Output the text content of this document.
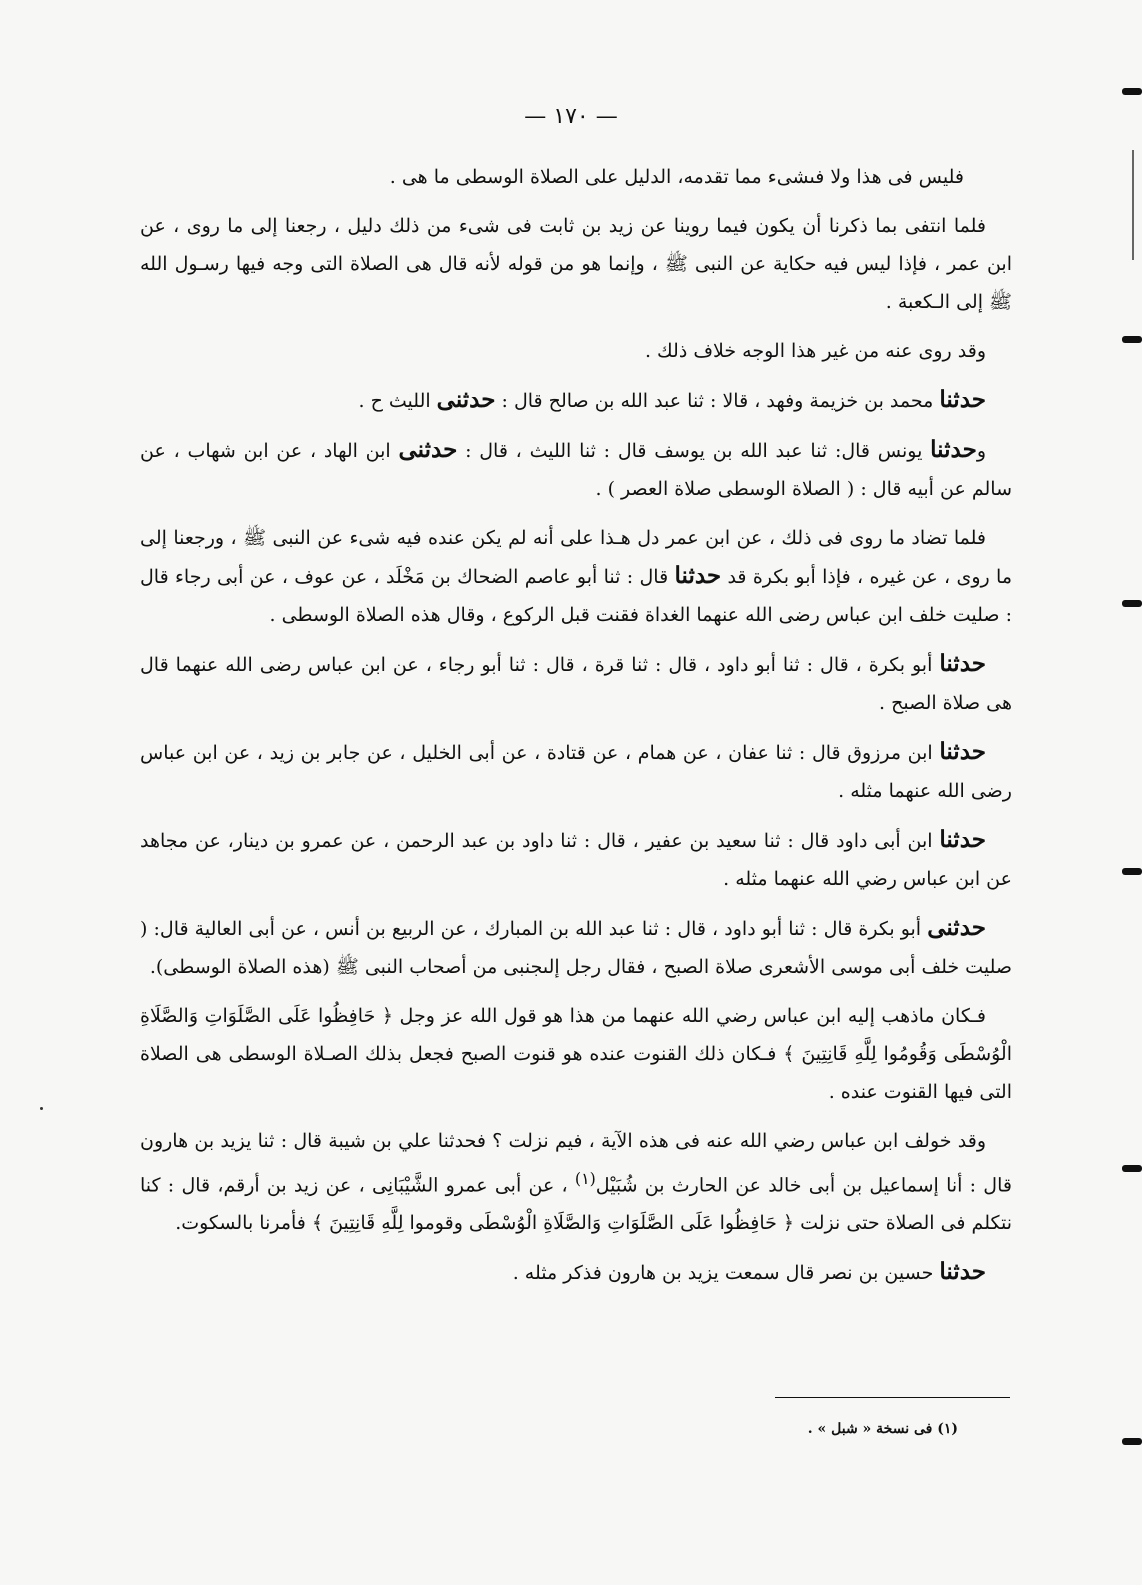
— ١٧٠ —

فليس فى هذا ولا فىشىء مما تقدمه، الدليل على الصلاة الوسطى ما هى .

فلما انتفى بما ذكرنا أن يكون فيما روينا عن زيد بن ثابت فى شىء من ذلك دليل ، رجعنا إلى ما روى ، عن ابن عمر ، فإذا ليس فيه حكاية عن النبى ﷺ ، وإنما هو من قوله لأنه قال هى الصلاة التى وجه فيها رسـول الله ﷺ إلى الـكعبة .

وقد روى عنه من غير هذا الوجه خلاف ذلك .

حدثنا محمد بن خزيمة وفهد ، قالا : ثنا عبد الله بن صالح قال : حدثنى الليث ح .

وحدثنا يونس قال: ثنا عبد الله بن يوسف قال : ثنا الليث ، قال : حدثنى ابن الهاد ، عن ابن شهاب ، عن سالم عن أبيه قال : ( الصلاة الوسطى صلاة العصر ) .

فلما تضاد ما روى فى ذلك ، عن ابن عمر دل هـذا على أنه لم يكن عنده فيه شىء عن النبى ﷺ ، ورجعنا إلى ما روى ، عن غيره ، فإذا أبو بكرة قد حدثنا قال : ثنا أبو عاصم الضحاك بن مَخْلَد ، عن عوف ، عن أبى رجاء قال : صليت خلف ابن عباس رضى الله عنهما الغداة فقنت قبل الركوع ، وقال هذه الصلاة الوسطى .

حدثنا أبو بكرة ، قال : ثنا أبو داود ، قال : ثنا قرة ، قال : ثنا أبو رجاء ، عن ابن عباس رضى الله عنهما قال هى صلاة الصبح .

حدثنا ابن مرزوق قال : ثنا عفان ، عن همام ، عن قتادة ، عن أبى الخليل ، عن جابر بن زيد ، عن ابن عباس رضى الله عنهما مثله .

حدثنا ابن أبى داود قال : ثنا سعيد بن عفير ، قال : ثنا داود بن عبد الرحمن ، عن عمرو بن دينار، عن مجاهد عن ابن عباس رضي الله عنهما مثله .

حدثنى أبو بكرة قال : ثنا أبو داود ، قال : ثنا عبد الله بن المبارك ، عن الربيع بن أنس ، عن أبى العالية قال: ( صليت خلف أبى موسى الأشعرى صلاة الصبح ، فقال رجل إلىجنبى من أصحاب النبى ﷺ (هذه الصلاة الوسطى).

فـكان ماذهب إليه ابن عباس رضي الله عنهما من هذا هو قول الله عز وجل ﴿ حَافِظُوا عَلَى الصَّلَوَاتِ وَالصَّلَاةِ الْوُسْطَى وَقُومُوا لِلَّهِ قَانِتِينَ ﴾ فـكان ذلك القنوت عنده هو قنوت الصبح فجعل بذلك الصـلاة الوسطى هى الصلاة التى فيها القنوت عنده .

وقد خولف ابن عباس رضي الله عنه فى هذه الآية ، فيم نزلت ؟ فحدثنا علي بن شيبة قال : ثنا يزيد بن هارون قال : أنا إسماعيل بن أبى خالد عن الحارث بن شُبَيْل$^{(١)}$ ، عن أبى عمرو الشَّيْبَانِى ، عن زيد بن أرقم، قال : كنا نتكلم فى الصلاة حتى نزلت ﴿ حَافِظُوا عَلَى الصَّلَوَاتِ وَالصَّلَاةِ الْوُسْطَى وقوموا لِلَّهِ قَانِتِينَ ﴾ فأمرنا بالسكوت.

حدثنا حسين بن نصر قال سمعت يزيد بن هارون فذكر مثله .

(١) فى نسخة « شبل » .
